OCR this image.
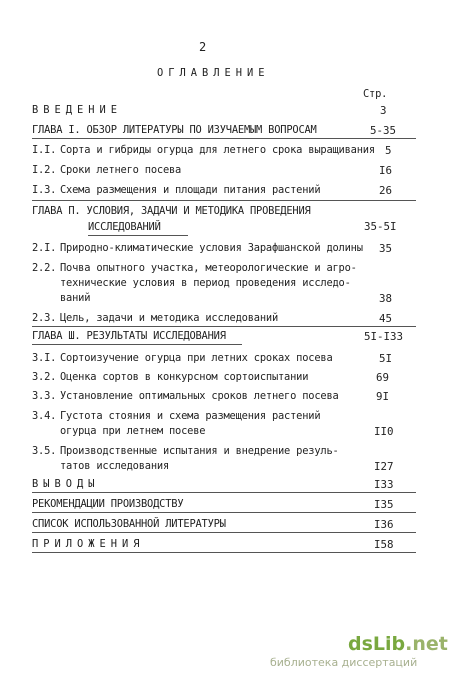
2
ОГЛАВЛЕНИЕ
Стр.
ВВЕДЕНИЕ	3
ГЛАВА I. ОБЗОР ЛИТЕРАТУРЫ ПО ИЗУЧАЕМЫМ ВОПРОСАМ	5-35
I.I. Сорта и гибриды огурца для летнего срока выращивания 5
I.2. Сроки летнего посева	I6
I.3. Схема размещения и площади питания растений	26
ГЛАВА П. УСЛОВИЯ, ЗАДАЧИ И МЕТОДИКА ПРОВЕДЕНИЯ
ИССЛЕДОВАНИЙ	35-5I
2.I. Природно-климатические условия Зарафшанской долины 35
2.2. Почва опытного участка, метеорологические и агро-
технические условия в период проведения исследо-
ваний	38
2.3. Цель, задачи и методика исследований	45
ГЛАВА Ш. РЕЗУЛЬТАТЫ ИССЛЕДОВАНИЯ	5I-I33
3.I. Сортоизучение огурца при летних сроках посева	5I
3.2. Оценка сортов в конкурсном сортоиспытании	69
3.3. Установление оптимальных сроков летнего посева	9I
3.4. Густота стояния и схема размещения растений
огурца при летнем посеве	II0
3.5. Производственные испытания и внедрение резуль-
татов исследования	I27
ВЫВОДЫ	I33
РЕКОМЕНДАЦИИ ПРОИЗВОДСТВУ	I35
СПИСОК ИСПОЛЬЗОВАННОЙ ЛИТЕРАТУРЫ	I36
ПРИЛОЖЕНИЯ	I58
dsLib.net
библиотека диссертаций
